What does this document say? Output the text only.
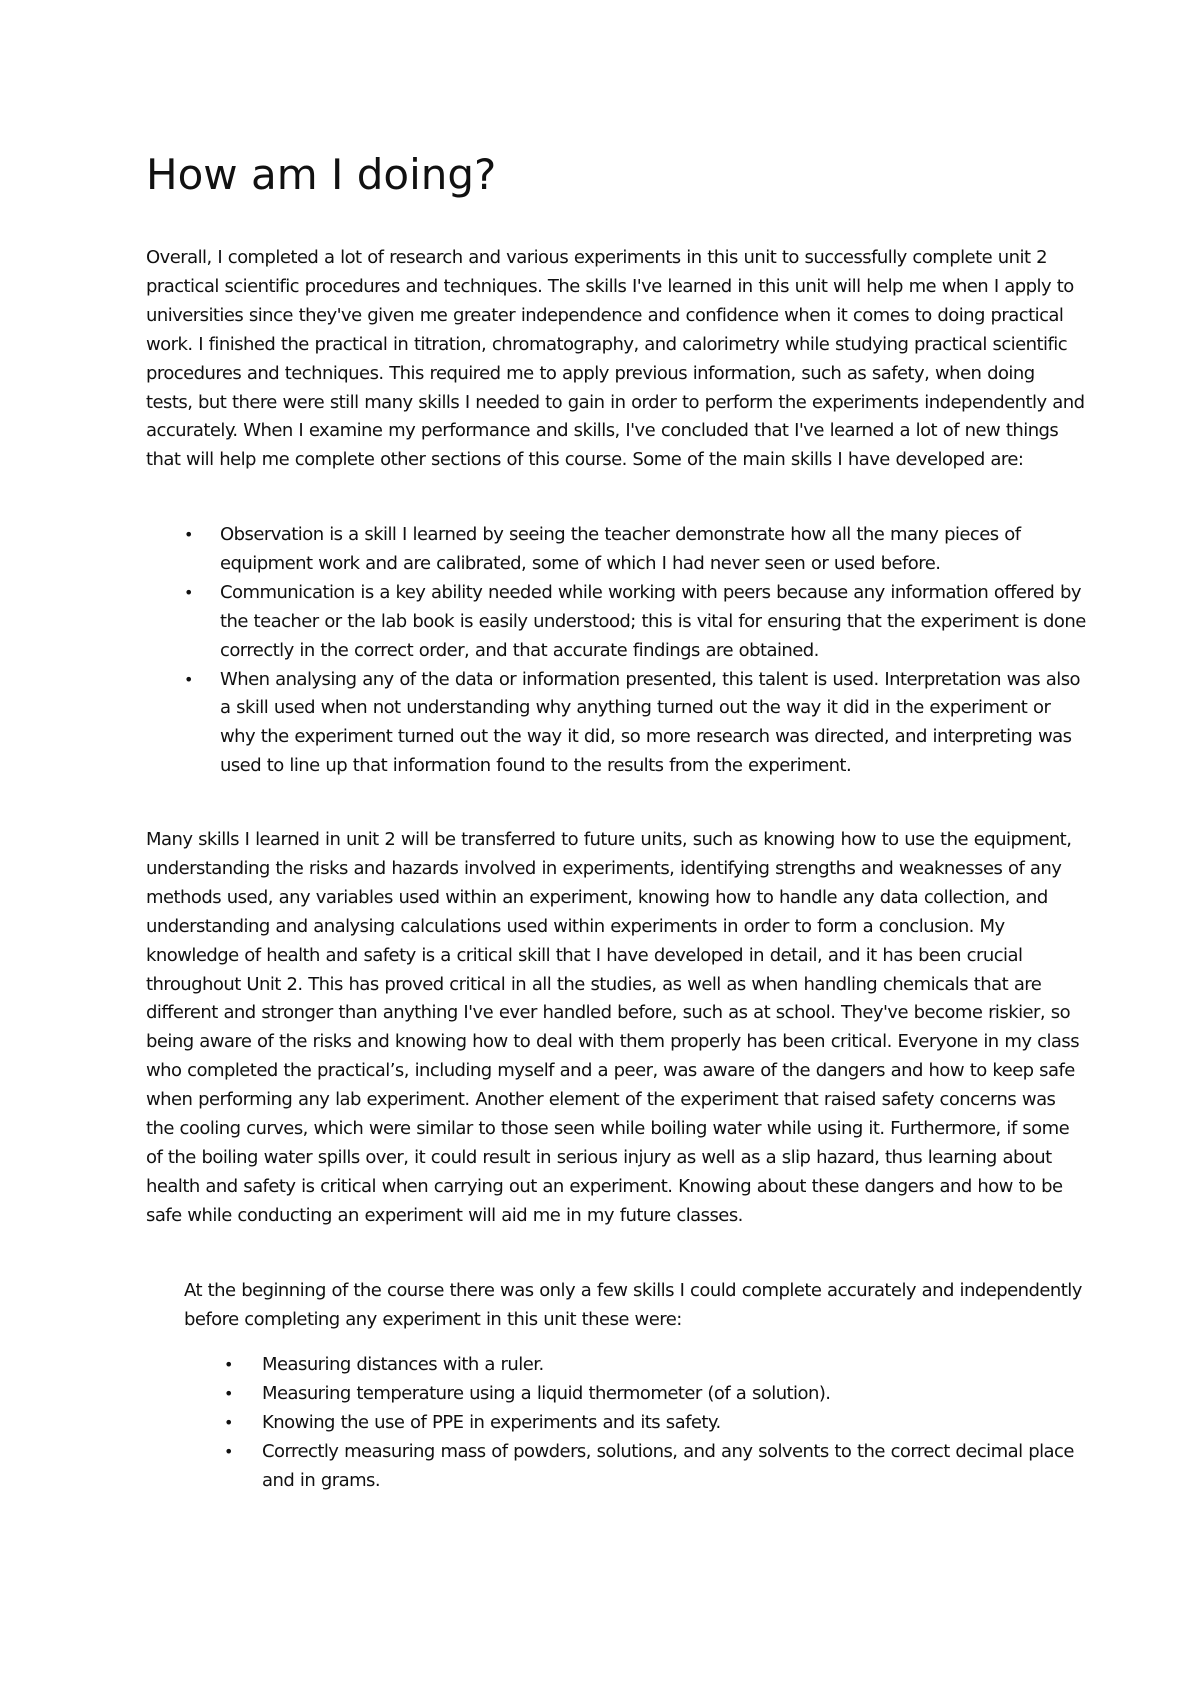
How am I doing?

Overall, I completed a lot of research and various experiments in this unit to successfully complete unit 2 practical scientific procedures and techniques. The skills I've learned in this unit will help me when I apply to universities since they've given me greater independence and confidence when it comes to doing practical work. I finished the practical in titration, chromatography, and calorimetry while studying practical scientific procedures and techniques. This required me to apply previous information, such as safety, when doing tests, but there were still many skills I needed to gain in order to perform the experiments independently and accurately. When I examine my performance and skills, I've concluded that I've learned a lot of new things that will help me complete other sections of this course. Some of the main skills I have developed are:

• Observation is a skill I learned by seeing the teacher demonstrate how all the many pieces of equipment work and are calibrated, some of which I had never seen or used before.
• Communication is a key ability needed while working with peers because any information offered by the teacher or the lab book is easily understood; this is vital for ensuring that the experiment is done correctly in the correct order, and that accurate findings are obtained.
• When analysing any of the data or information presented, this talent is used. Interpretation was also a skill used when not understanding why anything turned out the way it did in the experiment or why the experiment turned out the way it did, so more research was directed, and interpreting was used to line up that information found to the results from the experiment.

Many skills I learned in unit 2 will be transferred to future units, such as knowing how to use the equipment, understanding the risks and hazards involved in experiments, identifying strengths and weaknesses of any methods used, any variables used within an experiment, knowing how to handle any data collection, and understanding and analysing calculations used within experiments in order to form a conclusion. My knowledge of health and safety is a critical skill that I have developed in detail, and it has been crucial throughout Unit 2. This has proved critical in all the studies, as well as when handling chemicals that are different and stronger than anything I've ever handled before, such as at school. They've become riskier, so being aware of the risks and knowing how to deal with them properly has been critical. Everyone in my class who completed the practical’s, including myself and a peer, was aware of the dangers and how to keep safe when performing any lab experiment. Another element of the experiment that raised safety concerns was the cooling curves, which were similar to those seen while boiling water while using it. Furthermore, if some of the boiling water spills over, it could result in serious injury as well as a slip hazard, thus learning about health and safety is critical when carrying out an experiment. Knowing about these dangers and how to be safe while conducting an experiment will aid me in my future classes.

At the beginning of the course there was only a few skills I could complete accurately and independently before completing any experiment in this unit these were:

• Measuring distances with a ruler.
• Measuring temperature using a liquid thermometer (of a solution).
• Knowing the use of PPE in experiments and its safety.
• Correctly measuring mass of powders, solutions, and any solvents to the correct decimal place and in grams.
